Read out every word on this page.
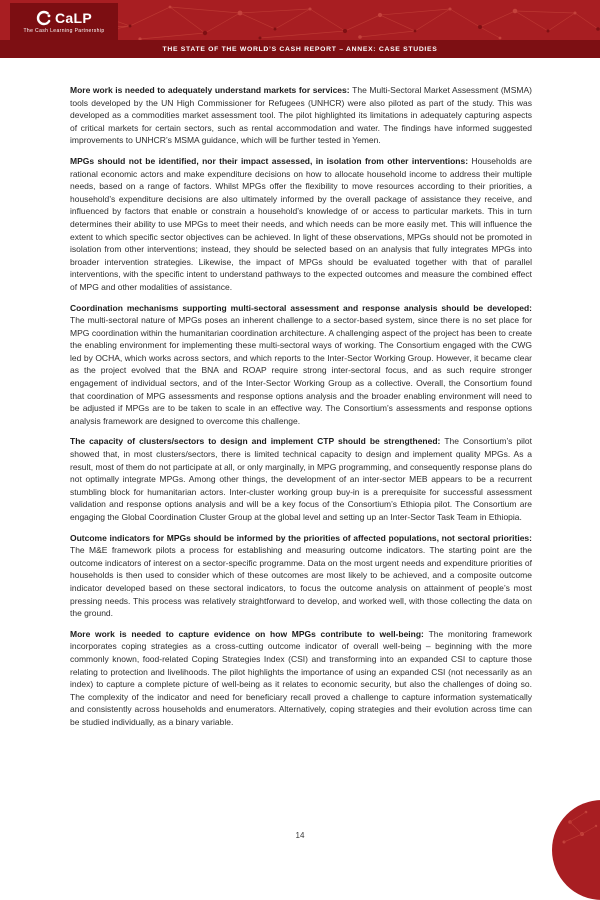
CaLP
The Cash Learning Partnership
THE STATE OF THE WORLD’S CASH REPORT – ANNEX: CASE STUDIES

More work is needed to adequately understand markets for services: The Multi-Sectoral Market Assessment (MSMA) tools developed by the UN High Commissioner for Refugees (UNHCR) were also piloted as part of the study. This was developed as a commodities market assessment tool. The pilot highlighted its limitations in adequately capturing aspects of critical markets for certain sectors, such as rental accommodation and water. The findings have informed suggested improvements to UNHCR’s MSMA guidance, which will be further tested in Yemen.

MPGs should not be identified, nor their impact assessed, in isolation from other interventions: Households are rational economic actors and make expenditure decisions on how to allocate household income to address their multiple needs, based on a range of factors. Whilst MPGs offer the flexibility to move resources according to their priorities, a household’s expenditure decisions are also ultimately informed by the overall package of assistance they receive, and influenced by factors that enable or constrain a household’s knowledge of or access to particular markets. This in turn determines their ability to use MPGs to meet their needs, and which needs can be more easily met. This will influence the extent to which specific sector objectives can be achieved. In light of these observations, MPGs should not be promoted in isolation from other interventions; instead, they should be selected based on an analysis that fully integrates MPGs into broader intervention strategies. Likewise, the impact of MPGs should be evaluated together with that of parallel interventions, with the specific intent to understand pathways to the expected outcomes and measure the combined effect of MPG and other modalities of assistance.

Coordination mechanisms supporting multi-sectoral assessment and response analysis should be developed: The multi-sectoral nature of MPGs poses an inherent challenge to a sector-based system, since there is no set place for MPG coordination within the humanitarian coordination architecture. A challenging aspect of the project has been to create the enabling environment for implementing these multi-sectoral ways of working. The Consortium engaged with the CWG led by OCHA, which works across sectors, and which reports to the Inter-Sector Working Group. However, it became clear as the project evolved that the BNA and ROAP require strong inter-sectoral focus, and as such require stronger engagement of individual sectors, and of the Inter-Sector Working Group as a collective. Overall, the Consortium found that coordination of MPG assessments and response options analysis and the broader enabling environment will need to be adjusted if MPGs are to be taken to scale in an effective way. The Consortium’s assessments and response options analysis framework are designed to overcome this challenge.

The capacity of clusters/sectors to design and implement CTP should be strengthened: The Consortium’s pilot showed that, in most clusters/sectors, there is limited technical capacity to design and implement quality MPGs. As a result, most of them do not participate at all, or only marginally, in MPG programming, and consequently response plans do not optimally integrate MPGs. Among other things, the development of an inter-sector MEB appears to be a recurrent stumbling block for humanitarian actors. Inter-cluster working group buy-in is a prerequisite for successful assessment validation and response options analysis and will be a key focus of the Consortium’s Ethiopia pilot. The Consortium are engaging the Global Coordination Cluster Group at the global level and setting up an Inter-Sector Task Team in Ethiopia.

Outcome indicators for MPGs should be informed by the priorities of affected populations, not sectoral priorities: The M&E framework pilots a process for establishing and measuring outcome indicators. The starting point are the outcome indicators of interest on a sector-specific programme. Data on the most urgent needs and expenditure priorities of households is then used to consider which of these outcomes are most likely to be achieved, and a composite outcome indicator developed based on these sectoral indicators, to focus the outcome analysis on attainment of people’s most pressing needs. This process was relatively straightforward to develop, and worked well, with those collecting the data on the ground.

More work is needed to capture evidence on how MPGs contribute to well-being: The monitoring framework incorporates coping strategies as a cross-cutting outcome indicator of overall well-being – beginning with the more commonly known, food-related Coping Strategies Index (CSI) and transforming into an expanded CSI to capture those relating to protection and livelihoods. The pilot highlights the importance of using an expanded CSI (not necessarily as an index) to capture a complete picture of well-being as it relates to economic security, but also the challenges of doing so. The complexity of the indicator and need for beneficiary recall proved a challenge to capture information systematically and consistently across households and enumerators. Alternatively, coping strategies and their evolution across time can be studied individually, as a binary variable.

14
